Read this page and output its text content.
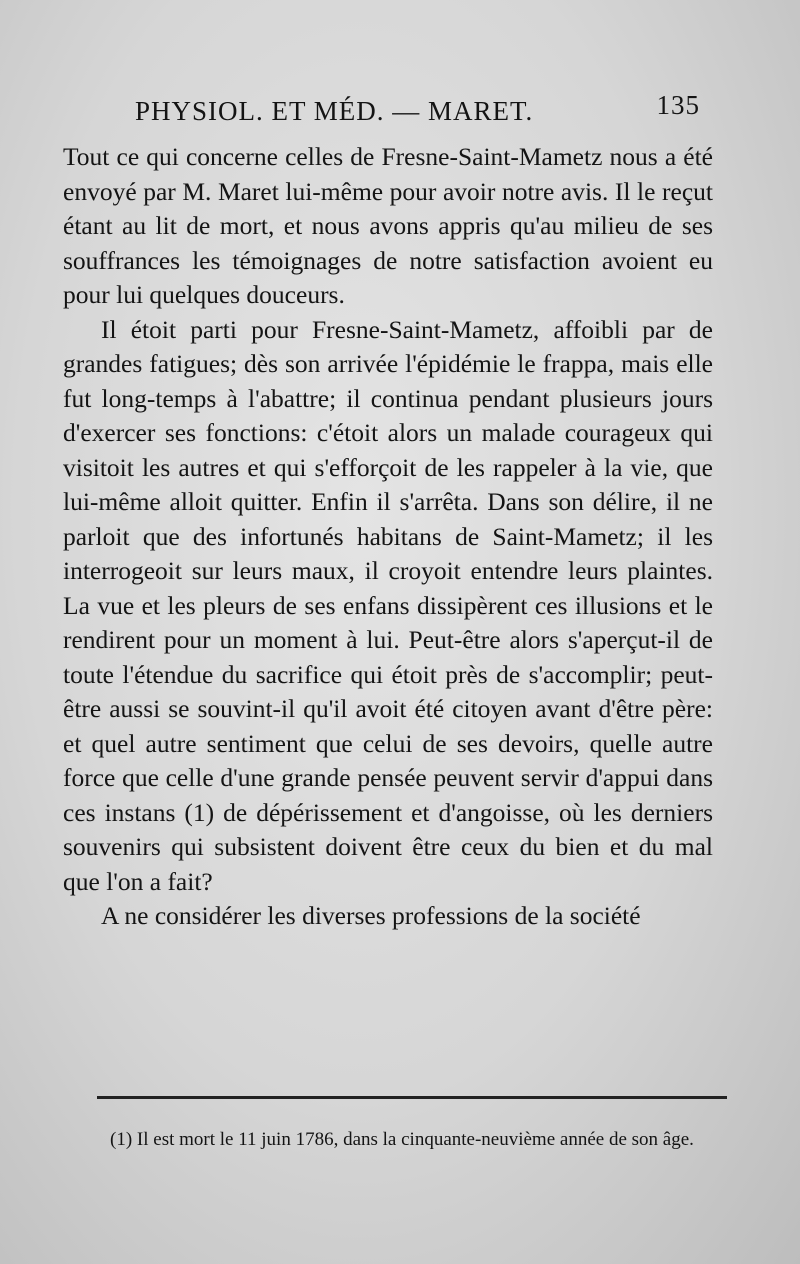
PHYSIOL. ET MÉD. — MARET.	135

Tout ce qui concerne celles de Fresne-Saint-Mametz nous a été envoyé par M. Maret lui-même pour avoir notre avis. Il le reçut étant au lit de mort, et nous avons appris qu'au milieu de ses souffrances les témoignages de notre satisfaction avoient eu pour lui quelques douceurs.

Il étoit parti pour Fresne-Saint-Mametz, affoibli par de grandes fatigues; dès son arrivée l'épidémie le frappa, mais elle fut long-temps à l'abattre; il continua pendant plusieurs jours d'exercer ses fonctions: c'étoit alors un malade courageux qui visitoit les autres et qui s'efforçoit de les rappeler à la vie, que lui-même alloit quitter. Enfin il s'arrêta. Dans son délire, il ne parloit que des infortunés habitans de Saint-Mametz; il les interrogeoit sur leurs maux, il croyoit entendre leurs plaintes. La vue et les pleurs de ses enfans dissipèrent ces illusions et le rendirent pour un moment à lui. Peut-être alors s'aperçut-il de toute l'étendue du sacrifice qui étoit près de s'accomplir; peut-être aussi se souvint-il qu'il avoit été citoyen avant d'être père: et quel autre sentiment que celui de ses devoirs, quelle autre force que celle d'une grande pensée peuvent servir d'appui dans ces instans (1) de dépérissement et d'angoisse, où les derniers souvenirs qui subsistent doivent être ceux du bien et du mal que l'on a fait?

A ne considérer les diverses professions de la société

(1) Il est mort le 11 juin 1786, dans la cinquante-neuvième année de son âge.
